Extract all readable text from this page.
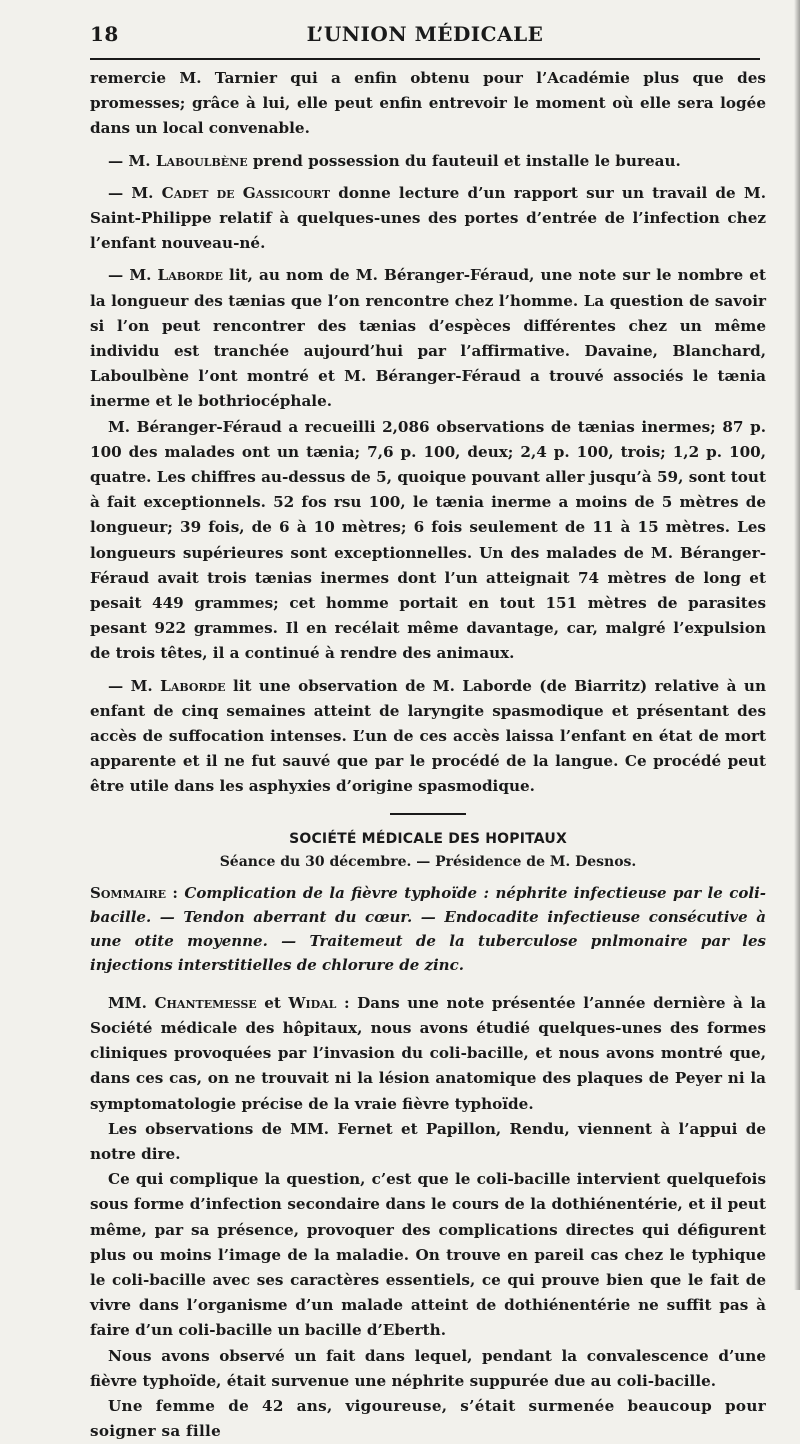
18	L’UNION MÉDICALE

remercie M. Tarnier qui a enfin obtenu pour l’Académie plus que des promesses; grâce à lui, elle peut enfin entrevoir le moment où elle sera logée dans un local convenable.

— M. Laboulbène prend possession du fauteuil et installe le bureau.

— M. Cadet de Gassicourt donne lecture d’un rapport sur un travail de M. Saint-Philippe relatif à quelques-unes des portes d’entrée de l’infection chez l’enfant nouveau-né.

— M. Laborde lit, au nom de M. Béranger-Féraud, une note sur le nombre et la longueur des tænias que l’on rencontre chez l’homme. La question de savoir si l’on peut rencontrer des tænias d’espèces différentes chez un même individu est tranchée aujourd’hui par l’affirmative. Davaine, Blanchard, Laboulbène l’ont montré et M. Béranger-Féraud a trouvé associés le tænia inerme et le bothriocéphale.

M. Béranger-Féraud a recueilli 2,086 observations de tænias inermes; 87 p. 100 des malades ont un tænia; 7,6 p. 100, deux; 2,4 p. 100, trois; 1,2 p. 100, quatre. Les chiffres au-dessus de 5, quoique pouvant aller jusqu’à 59, sont tout à fait exceptionnels. 52 fos rsu 100, le tænia inerme a moins de 5 mètres de longueur; 39 fois, de 6 à 10 mètres; 6 fois seulement de 11 à 15 mètres. Les longueurs supérieures sont exceptionnelles. Un des malades de M. Béranger-Féraud avait trois tænias inermes dont l’un atteignait 74 mètres de long et pesait 449 grammes; cet homme portait en tout 151 mètres de parasites pesant 922 grammes. Il en recélait même davantage, car, malgré l’expulsion de trois têtes, il a continué à rendre des animaux.

— M. Laborde lit une observation de M. Laborde (de Biarritz) relative à un enfant de cinq semaines atteint de laryngite spasmodique et présentant des accès de suffocation intenses. L’un de ces accès laissa l’enfant en état de mort apparente et il ne fut sauvé que par le procédé de la langue. Ce procédé peut être utile dans les asphyxies d’origine spasmodique.

SOCIÉTÉ MÉDICALE DES HOPITAUX
Séance du 30 décembre. — Présidence de M. Desnos.

Sommaire : Complication de la fièvre typhoïde : néphrite infectieuse par le coli-bacille. — Tendon aberrant du cœur. — Endocadite infectieuse consécutive à une otite moyenne. — Traitemeut de la tuberculose pnlmonaire par les injections interstitielles de chlorure de zinc.

MM. Chantemesse et Widal : Dans une note présentée l’année dernière à la Société médicale des hôpitaux, nous avons étudié quelques-unes des formes cliniques provoquées par l’invasion du coli-bacille, et nous avons montré que, dans ces cas, on ne trouvait ni la lésion anatomique des plaques de Peyer ni la symptomatologie précise de la vraie fièvre typhoïde.

Les observations de MM. Fernet et Papillon, Rendu, viennent à l’appui de notre dire.

Ce qui complique la question, c’est que le coli-bacille intervient quelquefois sous forme d’infection secondaire dans le cours de la dothiénentérie, et il peut même, par sa présence, provoquer des complications directes qui défigurent plus ou moins l’image de la maladie. On trouve en pareil cas chez le typhique le coli-bacille avec ses caractères essentiels, ce qui prouve bien que le fait de vivre dans l’organisme d’un malade atteint de dothiénentérie ne suffit pas à faire d’un coli-bacille un bacille d’Eberth.

Nous avons observé un fait dans lequel, pendant la convalescence d’une fièvre typhoïde, était survenue une néphrite suppurée due au coli-bacille.

Une femme de 42 ans, vigoureuse, s’était surmenée beaucoup pour soigner sa fille
